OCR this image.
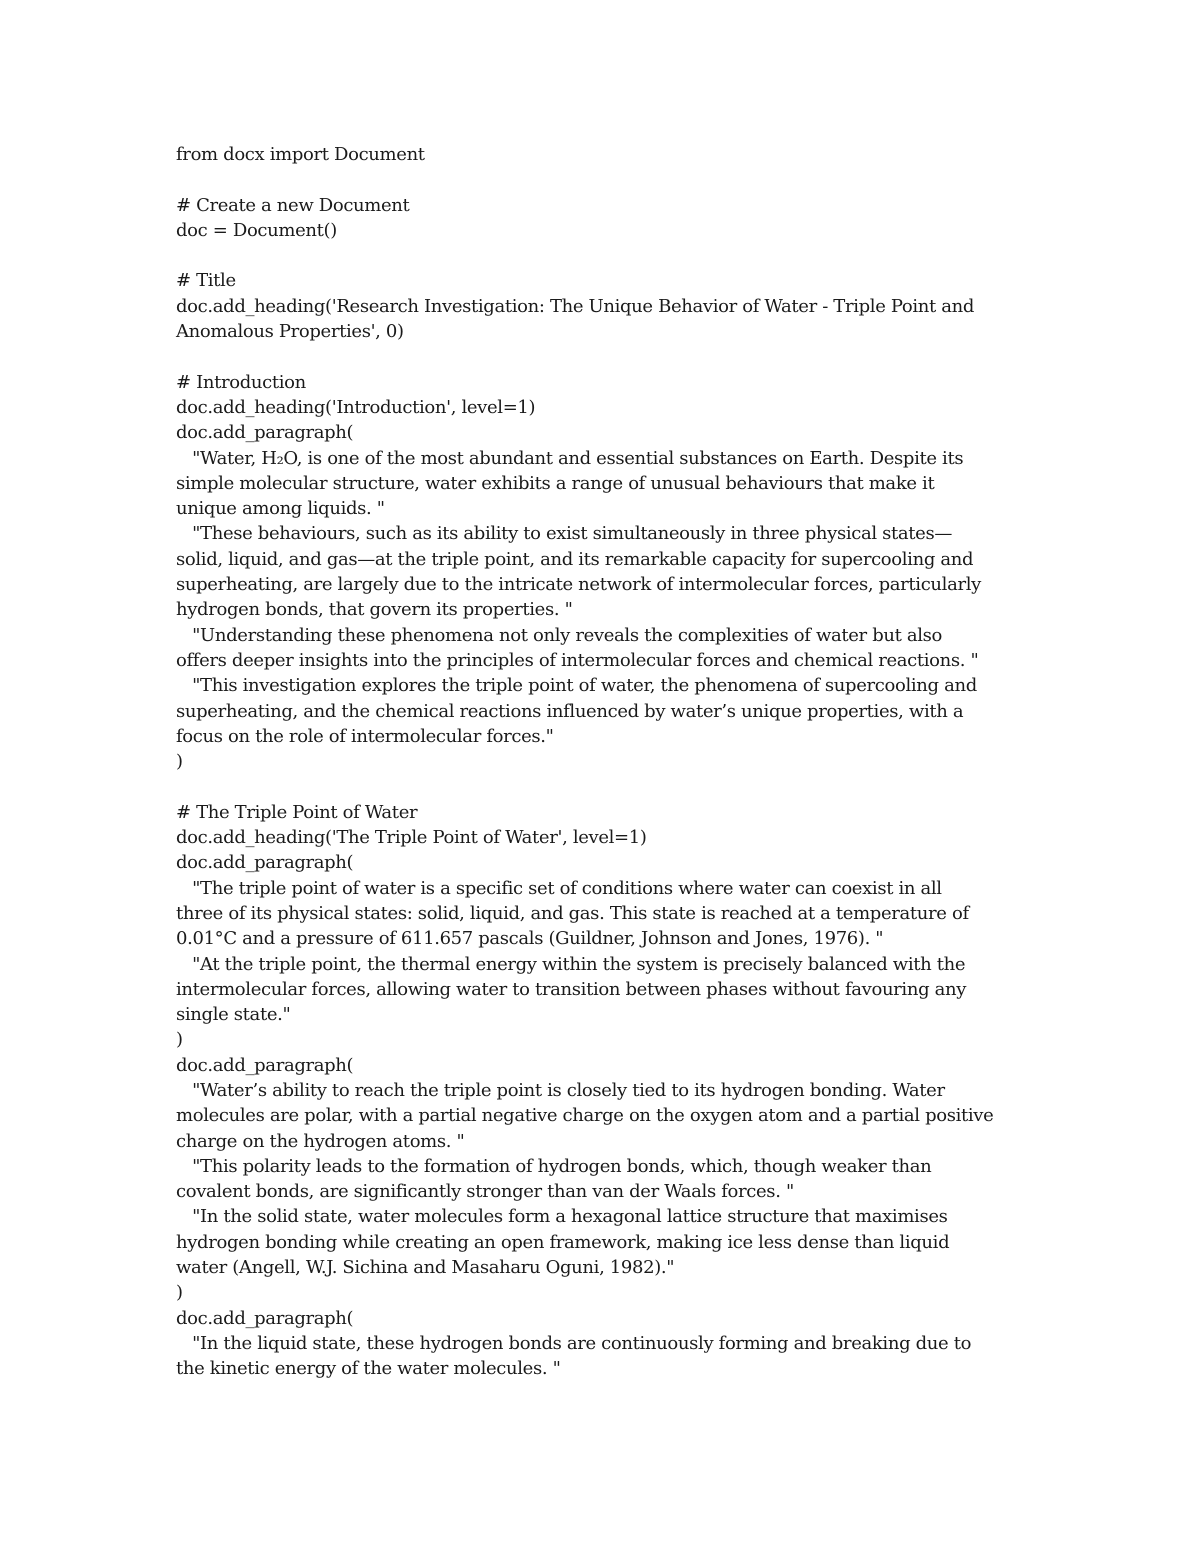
from docx import Document
# Create a new Document
doc = Document()
# Title
doc.add_heading('Research Investigation: The Unique Behavior of Water - Triple Point and
Anomalous Properties', 0)
# Introduction
doc.add_heading('Introduction', level=1)
doc.add_paragraph(
"Water, H₂O, is one of the most abundant and essential substances on Earth. Despite its
simple molecular structure, water exhibits a range of unusual behaviours that make it
unique among liquids. "
"These behaviours, such as its ability to exist simultaneously in three physical states—
solid, liquid, and gas—at the triple point, and its remarkable capacity for supercooling and
superheating, are largely due to the intricate network of intermolecular forces, particularly
hydrogen bonds, that govern its properties. "
"Understanding these phenomena not only reveals the complexities of water but also
offers deeper insights into the principles of intermolecular forces and chemical reactions. "
"This investigation explores the triple point of water, the phenomena of supercooling and
superheating, and the chemical reactions influenced by water’s unique properties, with a
focus on the role of intermolecular forces."
)
# The Triple Point of Water
doc.add_heading('The Triple Point of Water', level=1)
doc.add_paragraph(
"The triple point of water is a specific set of conditions where water can coexist in all
three of its physical states: solid, liquid, and gas. This state is reached at a temperature of
0.01°C and a pressure of 611.657 pascals (Guildner, Johnson and Jones, 1976). "
"At the triple point, the thermal energy within the system is precisely balanced with the
intermolecular forces, allowing water to transition between phases without favouring any
single state."
)
doc.add_paragraph(
"Water’s ability to reach the triple point is closely tied to its hydrogen bonding. Water
molecules are polar, with a partial negative charge on the oxygen atom and a partial positive
charge on the hydrogen atoms. "
"This polarity leads to the formation of hydrogen bonds, which, though weaker than
covalent bonds, are significantly stronger than van der Waals forces. "
"In the solid state, water molecules form a hexagonal lattice structure that maximises
hydrogen bonding while creating an open framework, making ice less dense than liquid
water (Angell, W.J. Sichina and Masaharu Oguni, 1982)."
)
doc.add_paragraph(
"In the liquid state, these hydrogen bonds are continuously forming and breaking due to
the kinetic energy of the water molecules. "
